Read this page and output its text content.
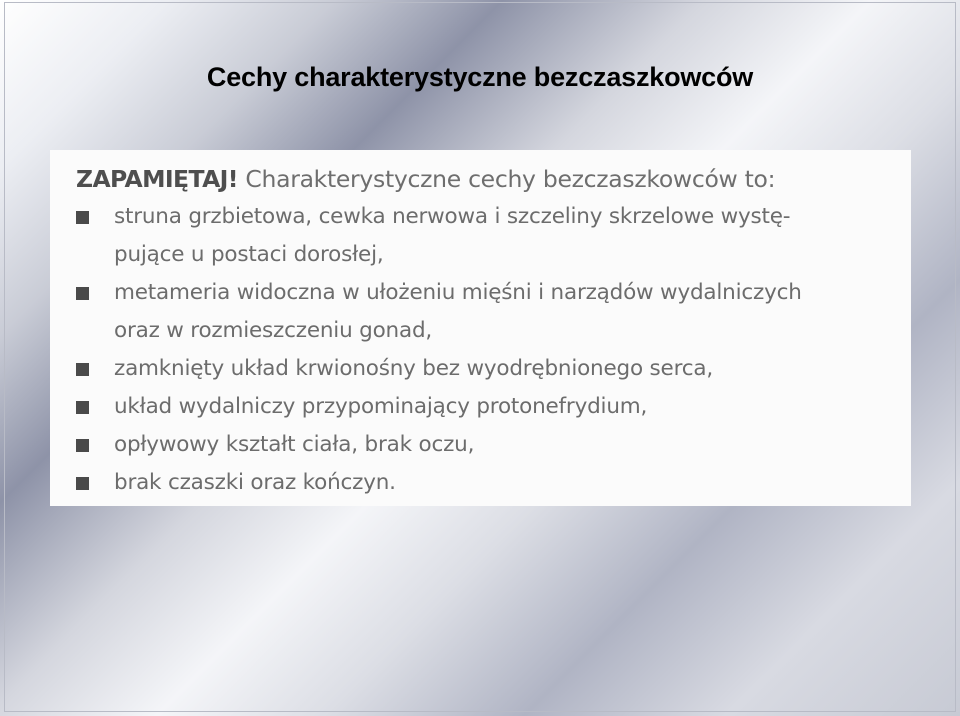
Cechy charakterystyczne bezczaszkowców
ZAPAMIĘTAJ! Charakterystyczne cechy bezczaszkowców to:
struna grzbietowa, cewka nerwowa i szczeliny skrzelowe wystę-
pujące u postaci dorosłej,
metameria widoczna w ułożeniu mięśni i narządów wydalniczych
oraz w rozmieszczeniu gonad,
zamknięty układ krwionośny bez wyodrębnionego serca,
układ wydalniczy przypominający protonefrydium,
opływowy kształt ciała, brak oczu,
brak czaszki oraz kończyn.
